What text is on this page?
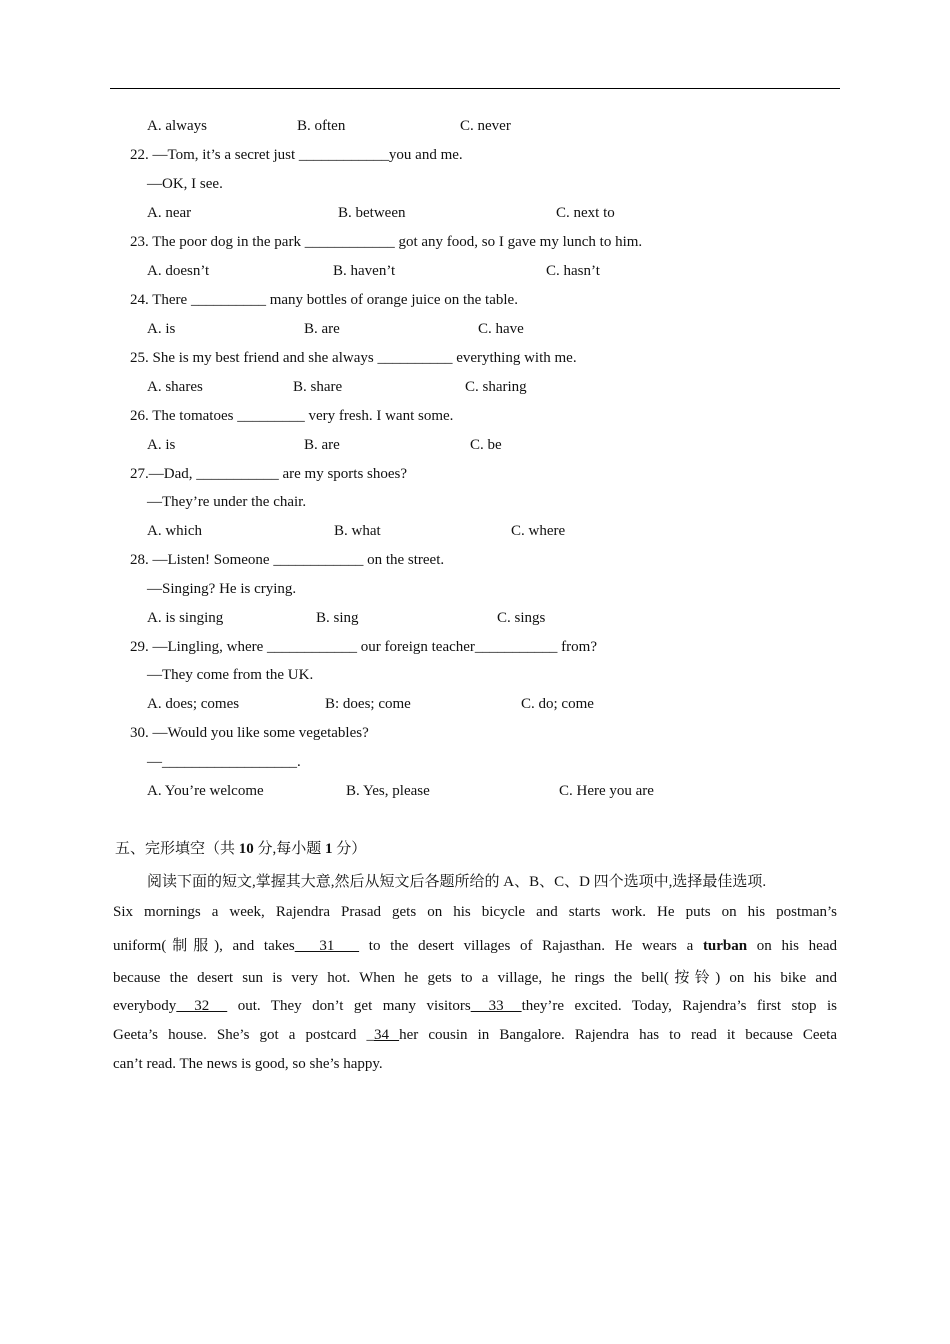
A. always	B. often	C. never
22. —Tom, it’s a secret just ____________you and me.
—OK, I see.
A. near	B. between	C. next to
23. The poor dog in the park ____________ got any food, so I gave my lunch to him.
A. doesn’t	B. haven’t	C. hasn’t
24. There __________ many bottles of orange juice on the table.
A. is	B. are	C. have
25. She is my best friend and she always __________ everything with me.
A. shares	B. share	C. sharing
26. The tomatoes _________ very fresh. I want some.
A. is	B. are	C. be
27.—Dad, ___________ are my sports shoes?
—They’re under the chair.
A. which	B. what	C. where
28. —Listen! Someone ____________ on the street.
—Singing? He is crying.
A. is singing	B. sing	C. sings
29. —Lingling, where ____________ our foreign teacher___________ from?
—They come from the UK.
A. does; comes	B: does; come	C. do; come
30. —Would you like some vegetables?
—__________________.
A. You’re welcome	B. Yes, please	C. Here you are
五、完形填空（共 10 分,每小题 1 分）
阅读下面的短文,掌握其大意,然后从短文后各题所给的 A、B、C、D 四个选项中,选择最佳选项.
Six mornings a week, Rajendra Prasad gets on his bicycle and starts work. He puts on his postman’s
uniform(制服), and takes  31   to the desert villages of Rajasthan. He wears a turban on his head
because the desert sun is very hot. When he gets to a village, he rings the bell(按铃) on his bike and
everybody  32   out. They don’t get many visitors  33  they’re excited. Today, Rajendra’s first stop is
Geeta’s house. She’s got a postcard _34 her cousin in Bangalore. Rajendra has to read it because Ceeta
can’t read. The news is good, so she’s happy.
